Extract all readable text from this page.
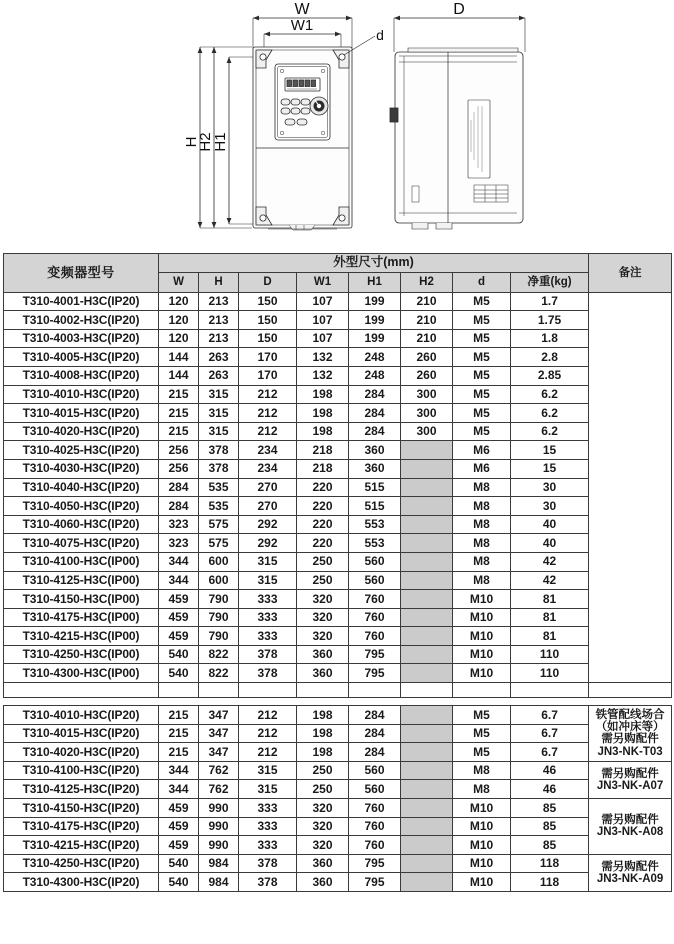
W
W1
D
d
H
H2
H1
变频器型号	外型尺寸(mm)								备注
	W	H	D	W1	H1	H2	d	净重(kg)	
T310-4001-H3C(IP20)	120	213	150	107	199	210	M5	1.7	
T310-4002-H3C(IP20)	120	213	150	107	199	210	M5	1.75	
T310-4003-H3C(IP20)	120	213	150	107	199	210	M5	1.8	
T310-4005-H3C(IP20)	144	263	170	132	248	260	M5	2.8	
T310-4008-H3C(IP20)	144	263	170	132	248	260	M5	2.85	
T310-4010-H3C(IP20)	215	315	212	198	284	300	M5	6.2	
T310-4015-H3C(IP20)	215	315	212	198	284	300	M5	6.2	
T310-4020-H3C(IP20)	215	315	212	198	284	300	M5	6.2	
T310-4025-H3C(IP20)	256	378	234	218	360		M6	15	
T310-4030-H3C(IP20)	256	378	234	218	360		M6	15	
T310-4040-H3C(IP20)	284	535	270	220	515		M8	30	
T310-4050-H3C(IP20)	284	535	270	220	515		M8	30	
T310-4060-H3C(IP20)	323	575	292	220	553		M8	40	
T310-4075-H3C(IP20)	323	575	292	220	553		M8	40	
T310-4100-H3C(IP00)	344	600	315	250	560		M8	42	
T310-4125-H3C(IP00)	344	600	315	250	560		M8	42	
T310-4150-H3C(IP00)	459	790	333	320	760		M10	81	
T310-4175-H3C(IP00)	459	790	333	320	760		M10	81	
T310-4215-H3C(IP00)	459	790	333	320	760		M10	81	
T310-4250-H3C(IP00)	540	822	378	360	795		M10	110	
T310-4300-H3C(IP00)	540	822	378	360	795		M10	110	

T310-4010-H3C(IP20)	215	347	212	198	284		M5	6.7	铁管配线场合
（如冲床等）
需另购配件
JN3-NK-T03

T310-4015-H3C(IP20)	215	347	212	198	284		M5	6.7	
T310-4020-H3C(IP20)	215	347	212	198	284		M5	6.7	
T310-4100-H3C(IP20)	344	762	315	250	560		M8	46	需另购配件
JN3-NK-A07

T310-4125-H3C(IP20)	344	762	315	250	560		M8	46	
T310-4150-H3C(IP20)	459	990	333	320	760		M10	85	需另购配件
JN3-NK-A08

T310-4175-H3C(IP20)	459	990	333	320	760		M10	85	
T310-4215-H3C(IP20)	459	990	333	320	760		M10	85	
T310-4250-H3C(IP20)	540	984	378	360	795		M10	118	需另购配件
JN3-NK-A09

T310-4300-H3C(IP20)	540	984	378	360	795		M10	118	
